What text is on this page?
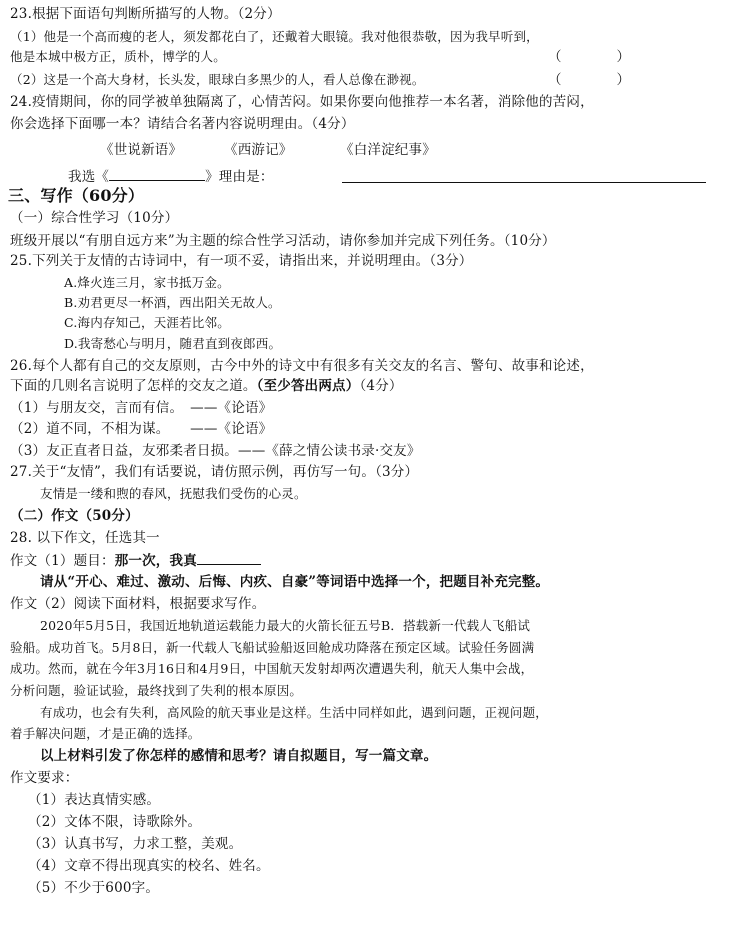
23.根据下面语句判断所描写的人物。（2分）
（1）他是一个高而瘦的老人，须发都花白了，还戴着大眼镜。我对他很恭敬，因为我早听到，
他是本城中极方正，质朴，博学的人。	（　　　　）
（2）这是一个高大身材，长头发，眼球白多黑少的人，看人总像在渺视。	（　　　　）
24.疫情期间，你的同学被单独隔离了，心情苦闷。如果你要向他推荐一本名著，消除他的苦闷，
你会选择下面哪一本？请结合名著内容说明理由。（4分）
《世说新语》	《西游记》	《白洋淀纪事》
我选《	》理由是：
三、写作（60分）
（一）综合性学习（10分）
班级开展以“有朋自远方来”为主题的综合性学习活动，请你参加并完成下列任务。（10分）
25.下列关于友情的古诗词中，有一项不妥，请指出来，并说明理由。（3分）
A.烽火连三月，家书抵万金。
B.劝君更尽一杯酒，西出阳关无故人。
C.海内存知己，天涯若比邻。
D.我寄愁心与明月，随君直到夜郎西。
26.每个人都有自己的交友原则，古今中外的诗文中有很多有关交友的名言、警句、故事和论述，
下面的几则名言说明了怎样的交友之道。（至少答出两点）（4分）
（1）与朋友交，言而有信。　——《论语》
（2）道不同，不相为谋。　　——《论语》
（3）友正直者日益，友邪柔者日损。——《薛之情公读书录·交友》
27.关于“友情”，我们有话要说，请仿照示例，再仿写一句。（3分）
友情是一缕和煦的春风，抚慰我们受伤的心灵。
（二）作文（50分）
28. 以下作文，任选其一
作文（1）题目：那一次，我真
请从“开心、难过、激动、后悔、内疚、自豪”等词语中选择一个，把题目补充完整。
作文（2）阅读下面材料，根据要求写作。
2020年5月5日，我国近地轨道运载能力最大的火箭长征五号B．搭载新一代载人飞船试
验船。成功首飞。5月8日，新一代载人飞船试验船返回舱成功降落在预定区域。试验任务圆满
成功。然而，就在今年3月16日和4月9日，中国航天发射却两次遭遇失利，航天人集中会战，
分析问题，验证试验，最终找到了失利的根本原因。
有成功，也会有失利，高风险的航天事业是这样。生活中同样如此，遇到问题，正视问题，
着手解决问题，才是正确的选择。
以上材料引发了你怎样的感情和思考？请自拟题目，写一篇文章。
作文要求：
（1）表达真情实感。
（2）文体不限，诗歌除外。
（3）认真书写，力求工整，美观。
（4）文章不得出现真实的校名、姓名。
（5）不少于600字。
